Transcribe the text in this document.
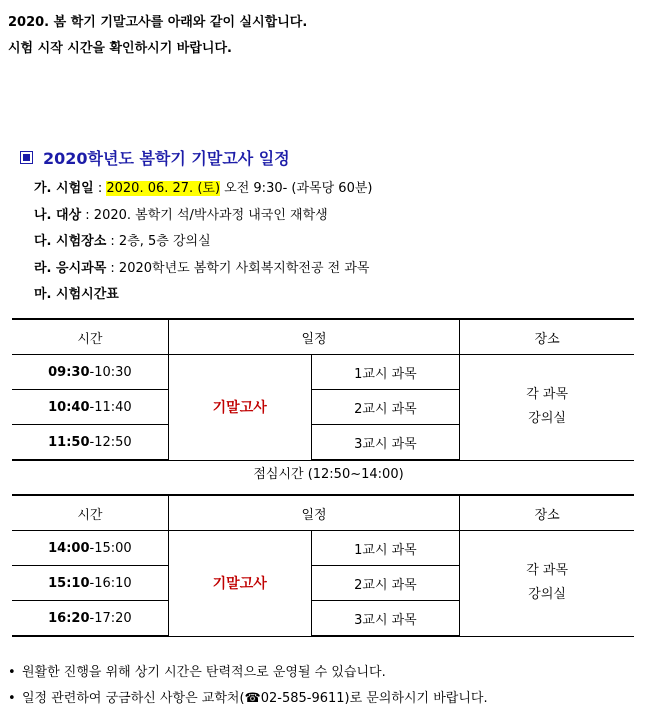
2020. 봄 학기 기말고사를 아래와 같이 실시합니다.
시험 시작 시간을 확인하시기 바랍니다.
2020학년도 봄학기 기말고사 일정
가. 시험일 : 2020. 06. 27. (토) 오전 9:30- (과목당 60분)
나. 대상 : 2020. 봄학기 석/박사과정 내국인 재학생
다. 시험장소 : 2층, 5층 강의실
라. 응시과목 : 2020학년도 봄학기 사회복지학전공 전 과목
마. 시험시간표
시간	일정		장소
09:30-10:30	기말고사	1교시 과목	각 과목
강의실

10:40-11:40		2교시 과목	
11:50-12:50		3교시 과목	
점심시간 (12:50~14:00)
시간	일정		장소
14:00-15:00	기말고사	1교시 과목	각 과목
강의실

15:10-16:10		2교시 과목	
16:20-17:20		3교시 과목	
• 원활한 진행을 위해 상기 시간은 탄력적으로 운영될 수 있습니다.
• 일정 관련하여 궁금하신 사항은 교학처(☎02-585-9611)로 문의하시기 바랍니다.
